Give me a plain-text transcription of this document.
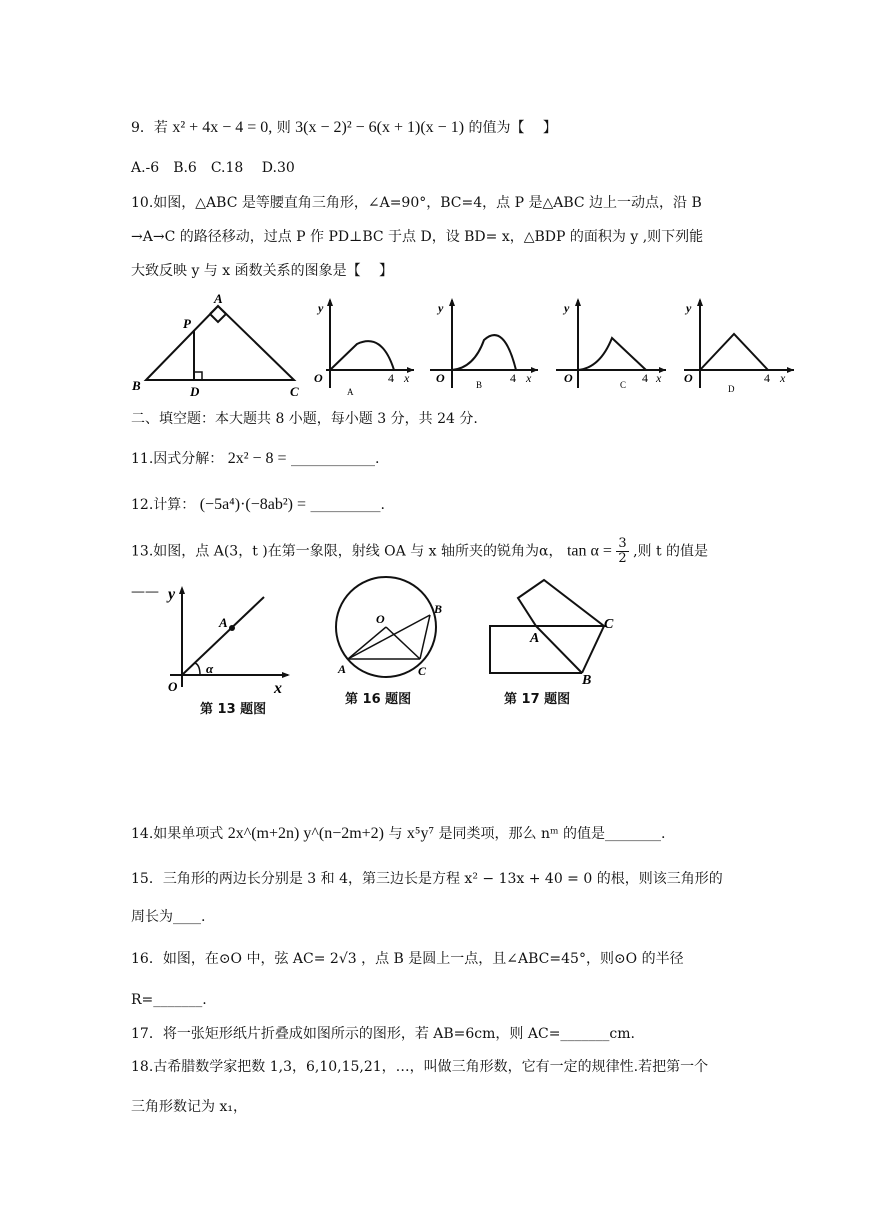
9．若 x² + 4x − 4 = 0, 则 3(x − 2)² − 6(x + 1)(x − 1) 的值为【　 】
A.-6　B.6　C.18　 D.30
10.如图，△ABC 是等腰直角三角形，∠A=90°，BC=4，点 P 是△ABC 边上一动点，沿 B
→A→C 的路径移动，过点 P 作 PD⊥BC 于点 D，设 BD= x，△BDP 的面积为 y ,则下列能
大致反映 y 与 x 函数关系的图象是【　 】
A
P
B	D	C
y
O	4 x
A
y
O	4 x
B
y
O	4 x
C
y
O	4 x
D
二、填空题：本大题共 8 小题，每小题 3 分，共 24 分.
11.因式分解： 2x² − 8 = ____________.
12.计算： (−5a⁴)·(−8ab²) = __________.
13.如图，点 A(3，t )在第一象限，射线 OA 与 x 轴所夹的锐角为α， $\tan \alpha = \frac{3}{2}$ ,则 t 的值是
—— y
A
α
O	x
第 13 题图
O
B
A	C
第 16 题图
A
C
B
第 17 题图
14.如果单项式 2x^(m+2n) y^(n−2m+2) 与 x⁵y⁷ 是同类项，那么 nᵐ 的值是________.
15．三角形的两边长分别是 3 和 4，第三边长是方程 x² − 13x + 40 = 0 的根，则该三角形的
周长为____.
16．如图，在⊙O 中，弦 AC= 2√3 ，点 B 是圆上一点，且∠ABC=45°，则⊙O 的半径
R=_______.
17．将一张矩形纸片折叠成如图所示的图形，若 AB=6cm，则 AC=_______cm.
18.古希腊数学家把数 1,3，6,10,15,21，…，叫做三角形数，它有一定的规律性.若把第一个
三角形数记为 x₁，
